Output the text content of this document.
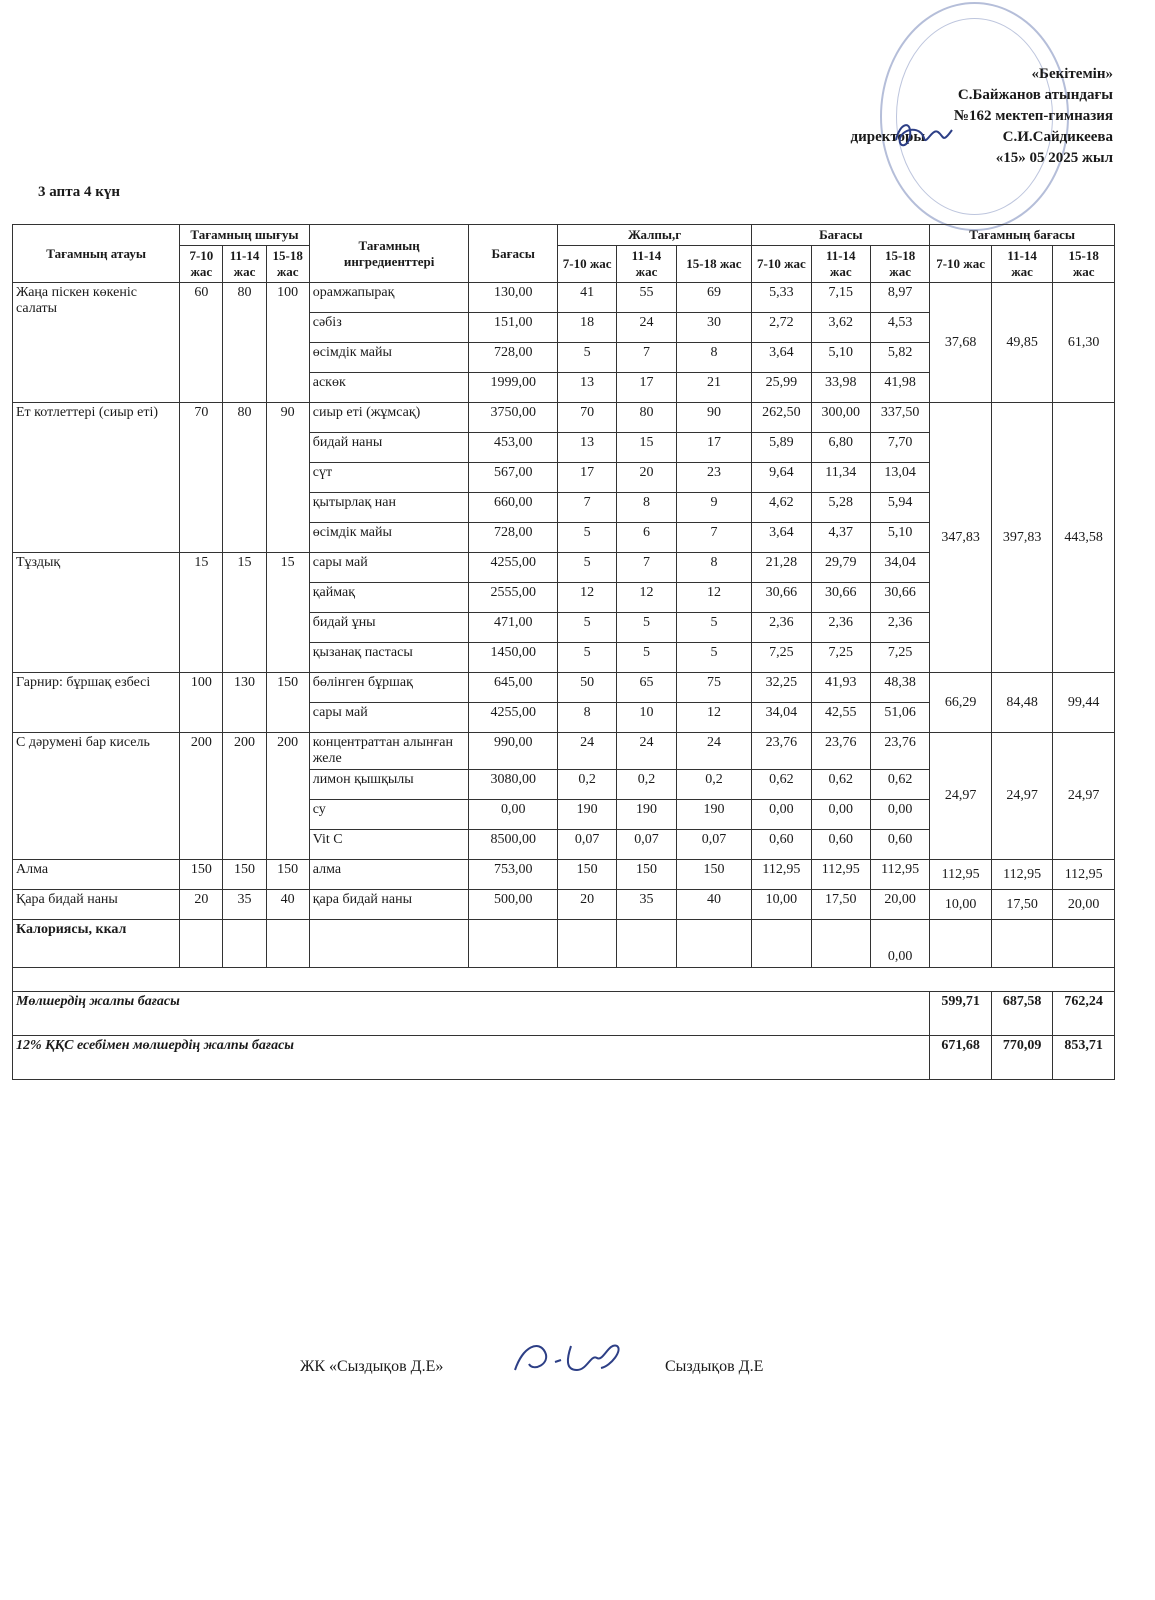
«Бекітемін»
С.Байжанов атындағы
№162 мектеп-гимназия
директоры	С.И.Сайдикеева
«15» 05 2025 жыл
3 апта 4 күн
Тағамның атауы	Тағамның шығуы			Тағамның ингредиенттері	Бағасы	Жалпы,г			Бағасы			Тағамның бағасы		
	7-10 жас	11-14 жас	15-18 жас			7-10 жас	11-14 жас	15-18 жас	7-10 жас	11-14 жас	15-18 жас	7-10 жас	11-14 жас	15-18 жас
Жаңа піскен көкеніс салаты	60	80	100	орамжапырақ	130,00	41	55	69	5,33	7,15	8,97	37,68	49,85	61,30
				сәбіз	151,00	18	24	30	2,72	3,62	4,53			
				өсімдік майы	728,00	5	7	8	3,64	5,10	5,82			
				аскөк	1999,00	13	17	21	25,99	33,98	41,98			
Ет котлеттері (сиыр еті)	70	80	90	сиыр еті (жұмсақ)	3750,00	70	80	90	262,50	300,00	337,50	347,83	397,83	443,58
				бидай наны	453,00	13	15	17	5,89	6,80	7,70			
				сүт	567,00	17	20	23	9,64	11,34	13,04			
				қытырлақ нан	660,00	7	8	9	4,62	5,28	5,94			
				өсімдік майы	728,00	5	6	7	3,64	4,37	5,10			
Тұздық	15	15	15	сары май	4255,00	5	7	8	21,28	29,79	34,04			
				қаймақ	2555,00	12	12	12	30,66	30,66	30,66			
				бидай ұны	471,00	5	5	5	2,36	2,36	2,36			
				қызанақ пастасы	1450,00	5	5	5	7,25	7,25	7,25			
Гарнир: бұршақ езбесі	100	130	150	бөлінген бұршақ	645,00	50	65	75	32,25	41,93	48,38	66,29	84,48	99,44
				сары май	4255,00	8	10	12	34,04	42,55	51,06			
С дәрумені бар кисель	200	200	200	концентраттан алынған желе	990,00	24	24	24	23,76	23,76	23,76	24,97	24,97	24,97
				лимон қышқылы	3080,00	0,2	0,2	0,2	0,62	0,62	0,62			
				су	0,00	190	190	190	0,00	0,00	0,00			
				Vit C	8500,00	0,07	0,07	0,07	0,60	0,60	0,60			
Алма	150	150	150	алма	753,00	150	150	150	112,95	112,95	112,95	112,95	112,95	112,95
Қара бидай наны	20	35	40	қара бидай наны	500,00	20	35	40	10,00	17,50	20,00	10,00	17,50	20,00
Калориясы, ккал											0,00			

Мөлшердің жалпы бағасы												599,71	687,58	762,24
12% ҚҚС есебімен мөлшердің жалпы бағасы												671,68	770,09	853,71
ЖК «Сыздықов Д.Е»	Сыздықов Д.Е
